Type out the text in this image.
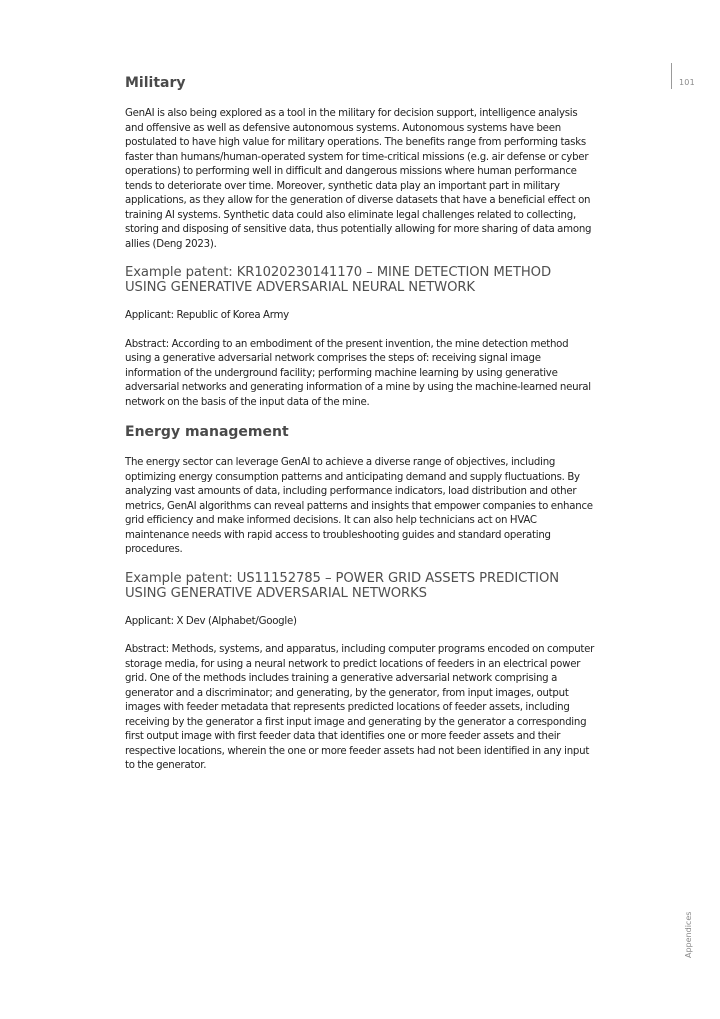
101
Appendices
Military

GenAI is also being explored as a tool in the military for decision support, intelligence analysis and offensive as well as defensive autonomous systems. Autonomous systems have been postulated to have high value for military operations. The benefits range from performing tasks faster than humans/human-operated system for time-critical missions (e.g. air defense or cyber operations) to performing well in difficult and dangerous missions where human performance tends to deteriorate over time. Moreover, synthetic data play an important part in military applications, as they allow for the generation of diverse datasets that have a beneficial effect on training AI systems. Synthetic data could also eliminate legal challenges related to collecting, storing and disposing of sensitive data, thus potentially allowing for more sharing of data among allies (Deng 2023).

Example patent: KR1020230141170 – MINE DETECTION METHOD USING GENERATIVE ADVERSARIAL NEURAL NETWORK

Applicant: Republic of Korea Army

Abstract: According to an embodiment of the present invention, the mine detection method using a generative adversarial network comprises the steps of: receiving signal image information of the underground facility; performing machine learning by using generative adversarial networks and generating information of a mine by using the machine-learned neural network on the basis of the input data of the mine.

Energy management

The energy sector can leverage GenAI to achieve a diverse range of objectives, including optimizing energy consumption patterns and anticipating demand and supply fluctuations. By analyzing vast amounts of data, including performance indicators, load distribution and other metrics, GenAI algorithms can reveal patterns and insights that empower companies to enhance grid efficiency and make informed decisions. It can also help technicians act on HVAC maintenance needs with rapid access to troubleshooting guides and standard operating procedures.

Example patent: US11152785 – POWER GRID ASSETS PREDICTION USING GENERATIVE ADVERSARIAL NETWORKS

Applicant: X Dev (Alphabet/Google)

Abstract: Methods, systems, and apparatus, including computer programs encoded on computer storage media, for using a neural network to predict locations of feeders in an electrical power grid. One of the methods includes training a generative adversarial network comprising a generator and a discriminator; and generating, by the generator, from input images, output images with feeder metadata that represents predicted locations of feeder assets, including receiving by the generator a first input image and generating by the generator a corresponding first output image with first feeder data that identifies one or more feeder assets and their respective locations, wherein the one or more feeder assets had not been identified in any input to the generator.
